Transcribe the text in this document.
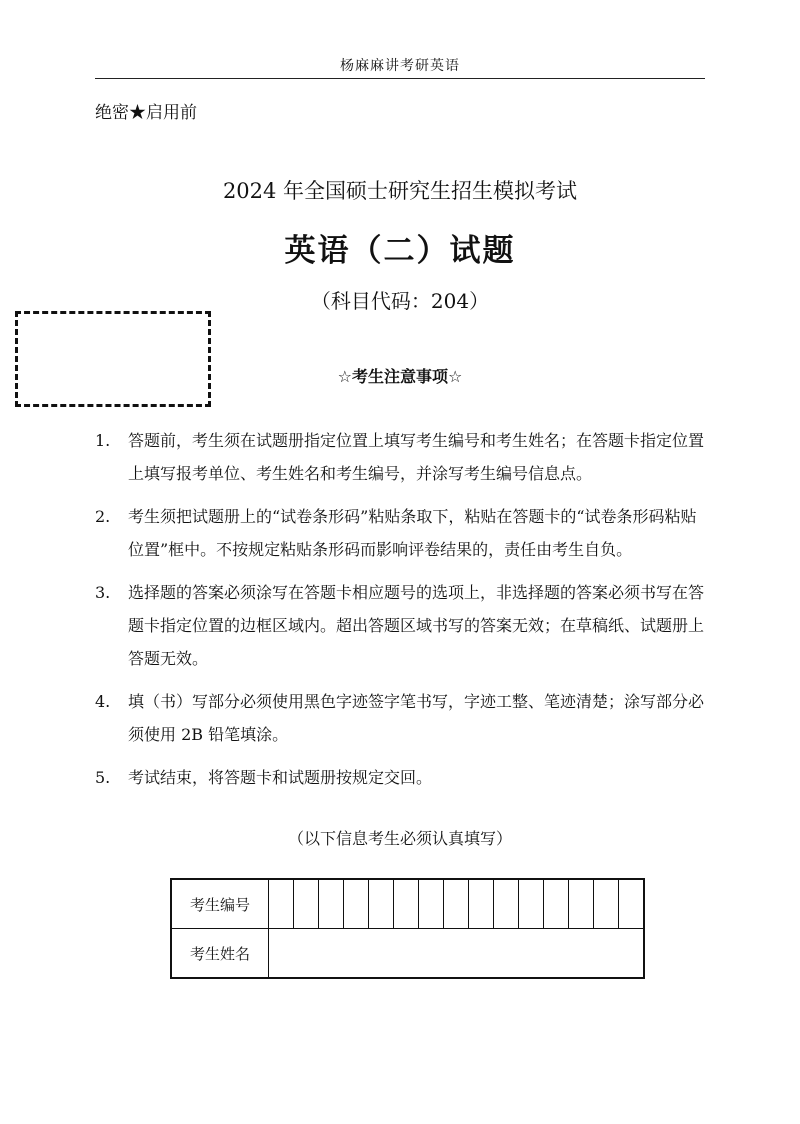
杨麻麻讲考研英语
绝密★启用前
2024 年全国硕士研究生招生模拟考试
英语（二）试题
（科目代码：204）
☆考生注意事项☆
1. 答题前，考生须在试题册指定位置上填写考生编号和考生姓名；在答题卡指定位置上填写报考单位、考生姓名和考生编号，并涂写考生编号信息点。
2. 考生须把试题册上的“试卷条形码”粘贴条取下，粘贴在答题卡的“试卷条形码粘贴位置”框中。不按规定粘贴条形码而影响评卷结果的，责任由考生自负。
3. 选择题的答案必须涂写在答题卡相应题号的选项上，非选择题的答案必须书写在答题卡指定位置的边框区域内。超出答题区域书写的答案无效；在草稿纸、试题册上答题无效。
4. 填（书）写部分必须使用黑色字迹签字笔书写，字迹工整、笔迹清楚；涂写部分必须使用 2B 铅笔填涂。
5. 考试结束，将答题卡和试题册按规定交回。
（以下信息考生必须认真填写）
考生编号															
考生姓名															
